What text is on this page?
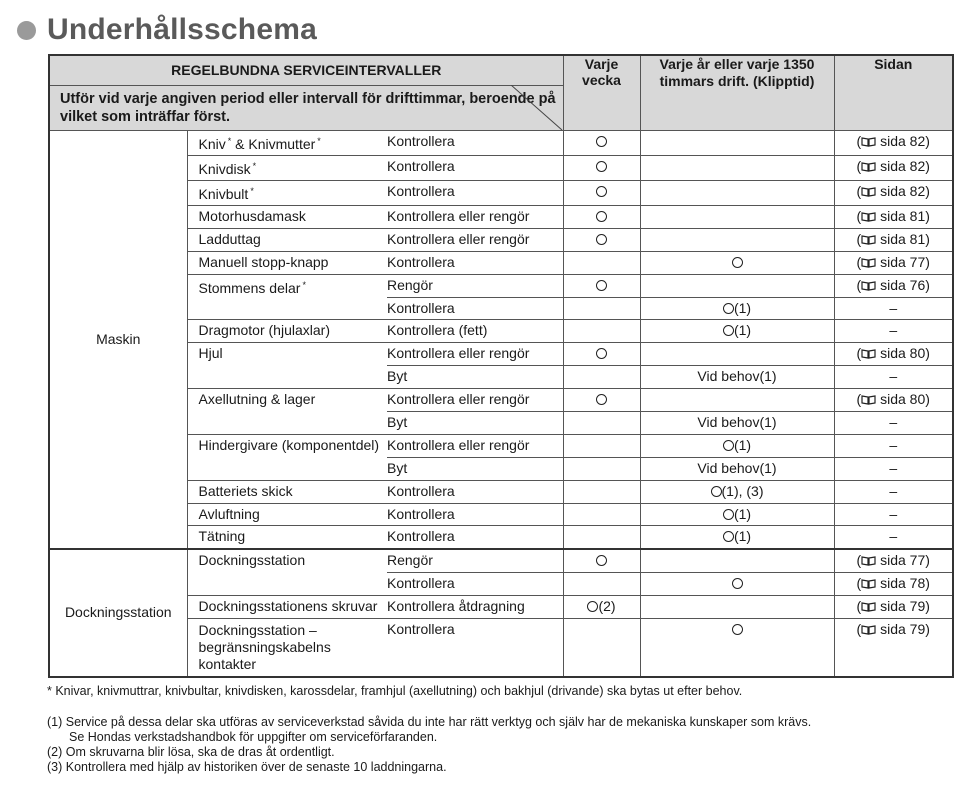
Underhållsschema
REGELBUNDNA SERVICEINTERVALLER
Utför vid varje angiven period eller intervall för drifttimmar, beroende på vilket som inträffar först.			Varje vecka	Varje år eller varje 1350 timmars drift. (Klipptid)	Sidan
Maskin	Kniv * & Knivmutter *	Kontrollera			( sida 82)
	Knivdisk *	Kontrollera			( sida 82)
	Knivbult *	Kontrollera			( sida 82)
	Motorhusdamask	Kontrollera eller rengör			( sida 81)
	Ladduttag	Kontrollera eller rengör			( sida 81)
	Manuell stopp-knapp	Kontrollera			( sida 77)
	Stommens delar *	Rengör			( sida 76)
		Kontrollera		(1)	–
	Dragmotor (hjulaxlar)	Kontrollera (fett)		(1)	–
	Hjul	Kontrollera eller rengör			( sida 80)
		Byt		Vid behov(1)	–
	Axellutning & lager	Kontrollera eller rengör			( sida 80)
		Byt		Vid behov(1)	–
	Hindergivare (komponentdel)	Kontrollera eller rengör		(1)	–
		Byt		Vid behov(1)	–
	Batteriets skick	Kontrollera		(1), (3)	–
	Avluftning	Kontrollera		(1)	–
	Tätning	Kontrollera		(1)	–
Dockningsstation	Dockningsstation	Rengör			( sida 77)
		Kontrollera			( sida 78)
	Dockningsstationens skruvar	Kontrollera åtdragning	(2)		( sida 79)
	Dockningsstation – begränsningskabelns kontakter	Kontrollera			( sida 79)
* Knivar, knivmuttrar, knivbultar, knivdisken, karossdelar, framhjul (axellutning) och bakhjul (drivande) ska bytas ut efter behov.
(1) Service på dessa delar ska utföras av serviceverkstad såvida du inte har rätt verktyg och själv har de mekaniska kunskaper som krävs.
Se Hondas verkstadshandbok för uppgifter om serviceförfaranden.
(2) Om skruvarna blir lösa, ska de dras åt ordentligt.
(3) Kontrollera med hjälp av historiken över de senaste 10 laddningarna.
